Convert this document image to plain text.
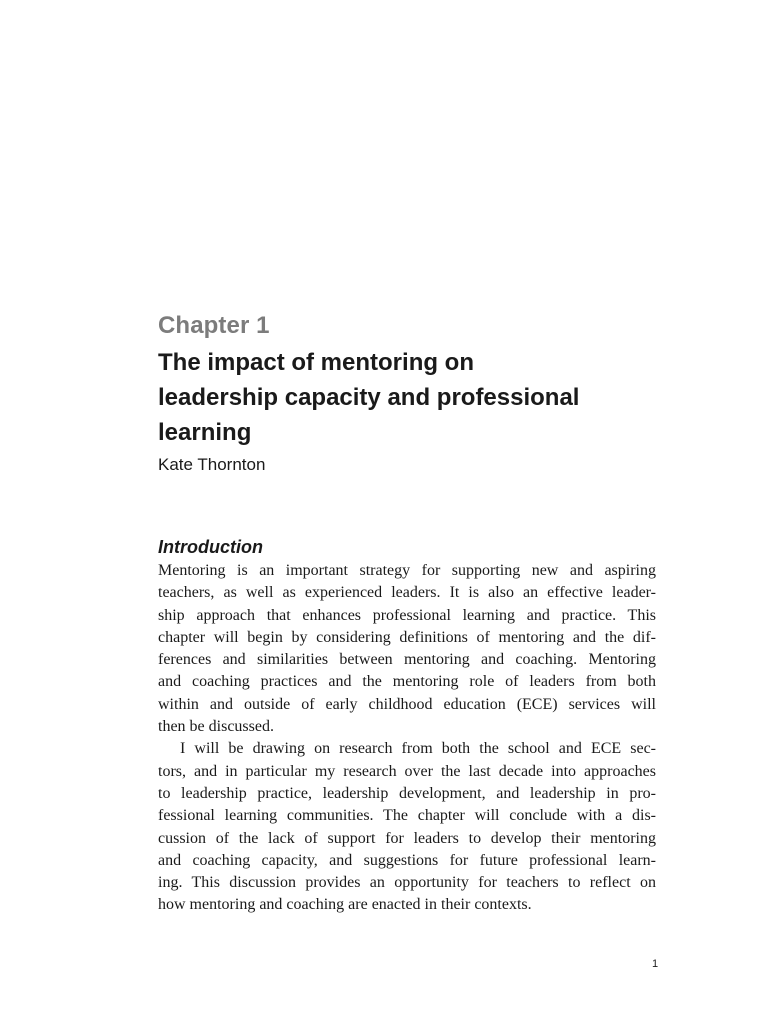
Chapter 1
The impact of mentoring on
leadership capacity and professional
learning
Kate Thornton
Introduction
Mentoring is an important strategy for supporting new and aspiring
teachers, as well as experienced leaders. It is also an effective leader-
ship approach that enhances professional learning and practice. This
chapter will begin by considering definitions of mentoring and the dif-
ferences and similarities between mentoring and coaching. Mentoring
and coaching practices and the mentoring role of leaders from both
within and outside of early childhood education (ECE) services will
then be discussed.
I will be drawing on research from both the school and ECE sec-
tors, and in particular my research over the last decade into approaches
to leadership practice, leadership development, and leadership in pro-
fessional learning communities. The chapter will conclude with a dis-
cussion of the lack of support for leaders to develop their mentoring
and coaching capacity, and suggestions for future professional learn-
ing. This discussion provides an opportunity for teachers to reflect on
how mentoring and coaching are enacted in their contexts.
1
